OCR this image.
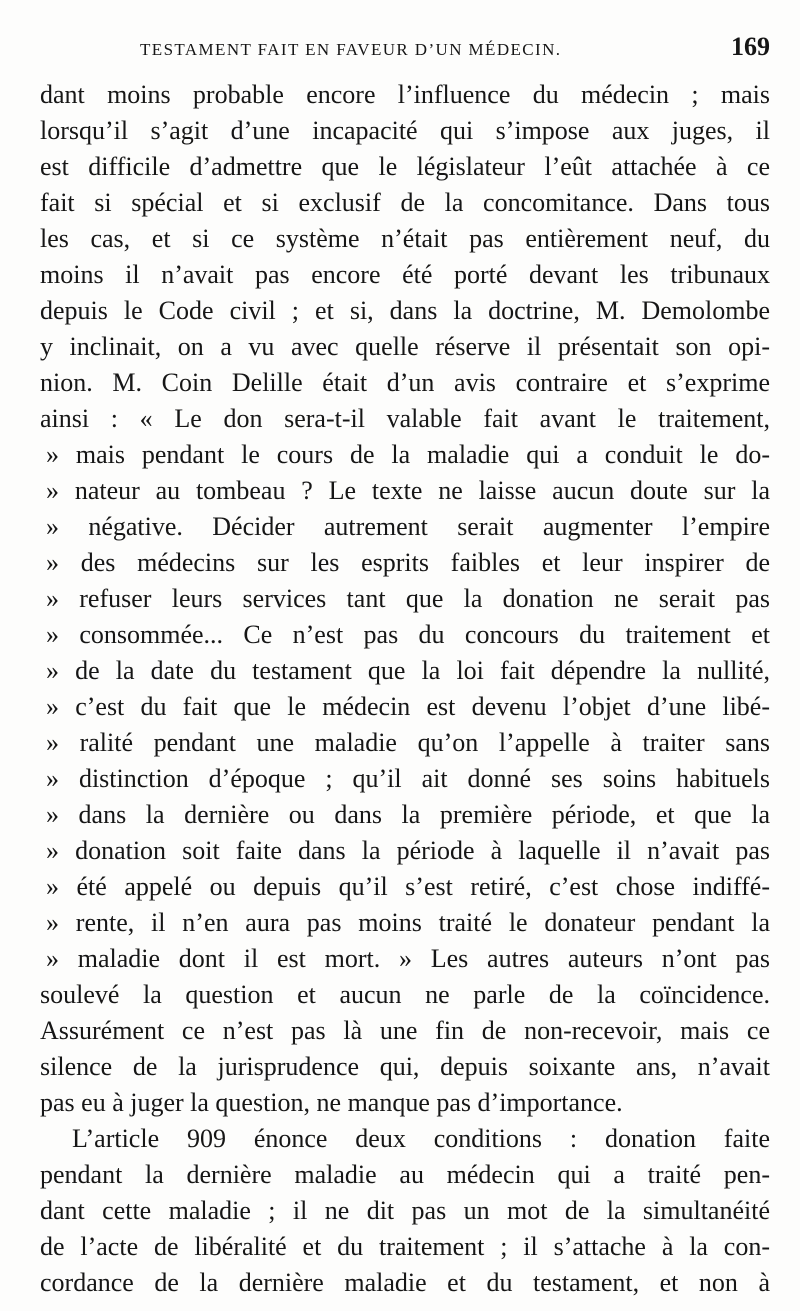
TESTAMENT FAIT EN FAVEUR D’UN MÉDECIN.	169
dant moins probable encore l’influence du médecin ; mais
lorsqu’il s’agit d’une incapacité qui s’impose aux juges, il
est difficile d’admettre que le législateur l’eût attachée à ce
fait si spécial et si exclusif de la concomitance. Dans tous
les cas, et si ce système n’était pas entièrement neuf, du
moins il n’avait pas encore été porté devant les tribunaux
depuis le Code civil ; et si, dans la doctrine, M. Demolombe
y inclinait, on a vu avec quelle réserve il présentait son opi-
nion. M. Coin Delille était d’un avis contraire et s’exprime
ainsi : « Le don sera-t-il valable fait avant le traitement,
» mais pendant le cours de la maladie qui a conduit le do-
» nateur au tombeau ? Le texte ne laisse aucun doute sur la
» négative. Décider autrement serait augmenter l’empire
» des médecins sur les esprits faibles et leur inspirer de
» refuser leurs services tant que la donation ne serait pas
» consommée... Ce n’est pas du concours du traitement et
» de la date du testament que la loi fait dépendre la nullité,
» c’est du fait que le médecin est devenu l’objet d’une libé-
» ralité pendant une maladie qu’on l’appelle à traiter sans
» distinction d’époque ; qu’il ait donné ses soins habituels
» dans la dernière ou dans la première période, et que la
» donation soit faite dans la période à laquelle il n’avait pas
» été appelé ou depuis qu’il s’est retiré, c’est chose indiffé-
» rente, il n’en aura pas moins traité le donateur pendant la
» maladie dont il est mort. » Les autres auteurs n’ont pas
soulevé la question et aucun ne parle de la coïncidence.
Assurément ce n’est pas là une fin de non-recevoir, mais ce
silence de la jurisprudence qui, depuis soixante ans, n’avait
pas eu à juger la question, ne manque pas d’importance.
L’article 909 énonce deux conditions : donation faite
pendant la dernière maladie au médecin qui a traité pen-
dant cette maladie ; il ne dit pas un mot de la simultanéité
de l’acte de libéralité et du traitement ; il s’attache à la con-
cordance de la dernière maladie et du testament, et non à
